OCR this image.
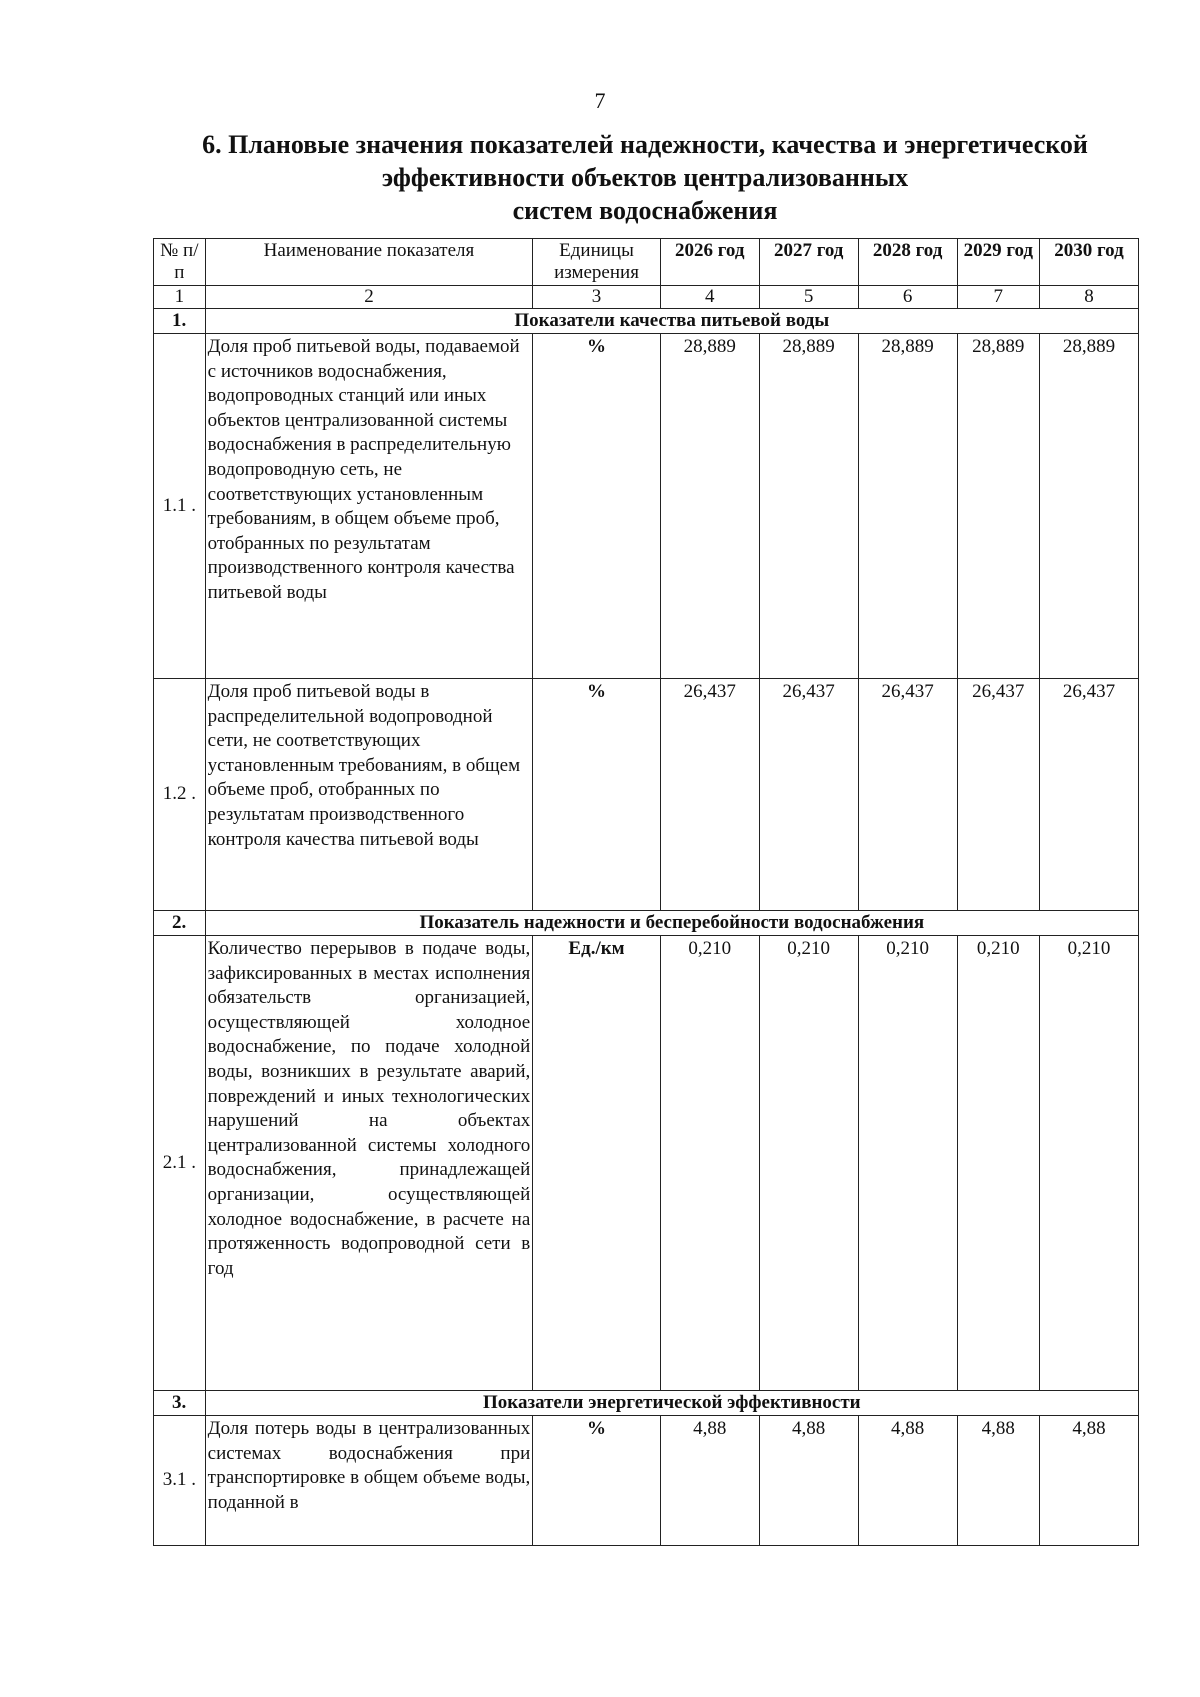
7
6. Плановые значения показателей надежности, качества и энергетической
эффективности объектов централизованных
систем водоснабжения
№ п/п	Наименование показателя	Единицы измерения	2026 год	2027 год	2028 год	2029 год	2030 год
1	2	3	4	5	6	7	8
1.	Показатели качества питьевой воды						
1.1 .	Доля проб питьевой воды, подаваемой с источников водоснабжения, водопроводных станций или иных объектов централизованной системы водоснабжения в распределительную водопроводную сеть, не соответствующих установленным требованиям, в общем объеме проб, отобранных по результатам производственного контроля качества питьевой воды	%	28,889	28,889	28,889	28,889	28,889
1.2 .	Доля проб питьевой воды в распределительной водопроводной сети, не соответствующих установленным требованиям, в общем объеме проб, отобранных по результатам производственного контроля качества питьевой воды	%	26,437	26,437	26,437	26,437	26,437
2.	Показатель надежности и бесперебойности водоснабжения						
2.1 .	Количество перерывов в подаче воды, зафиксированных в местах исполнения обязательств организацией, осуществляющей холодное водоснабжение, по подаче холодной воды, возникших в результате аварий, повреждений и иных технологических нарушений на объектах централизованной системы холодного водоснабжения, принадлежащей организации, осуществляющей холодное водоснабжение, в расчете на протяженность водопроводной сети в год	Ед./км	0,210	0,210	0,210	0,210	0,210
3.	Показатели энергетической эффективности						
3.1 .	Доля потерь воды в централизованных системах водоснабжения при транспортировке в общем объеме воды, поданной в	%	4,88	4,88	4,88	4,88	4,88
